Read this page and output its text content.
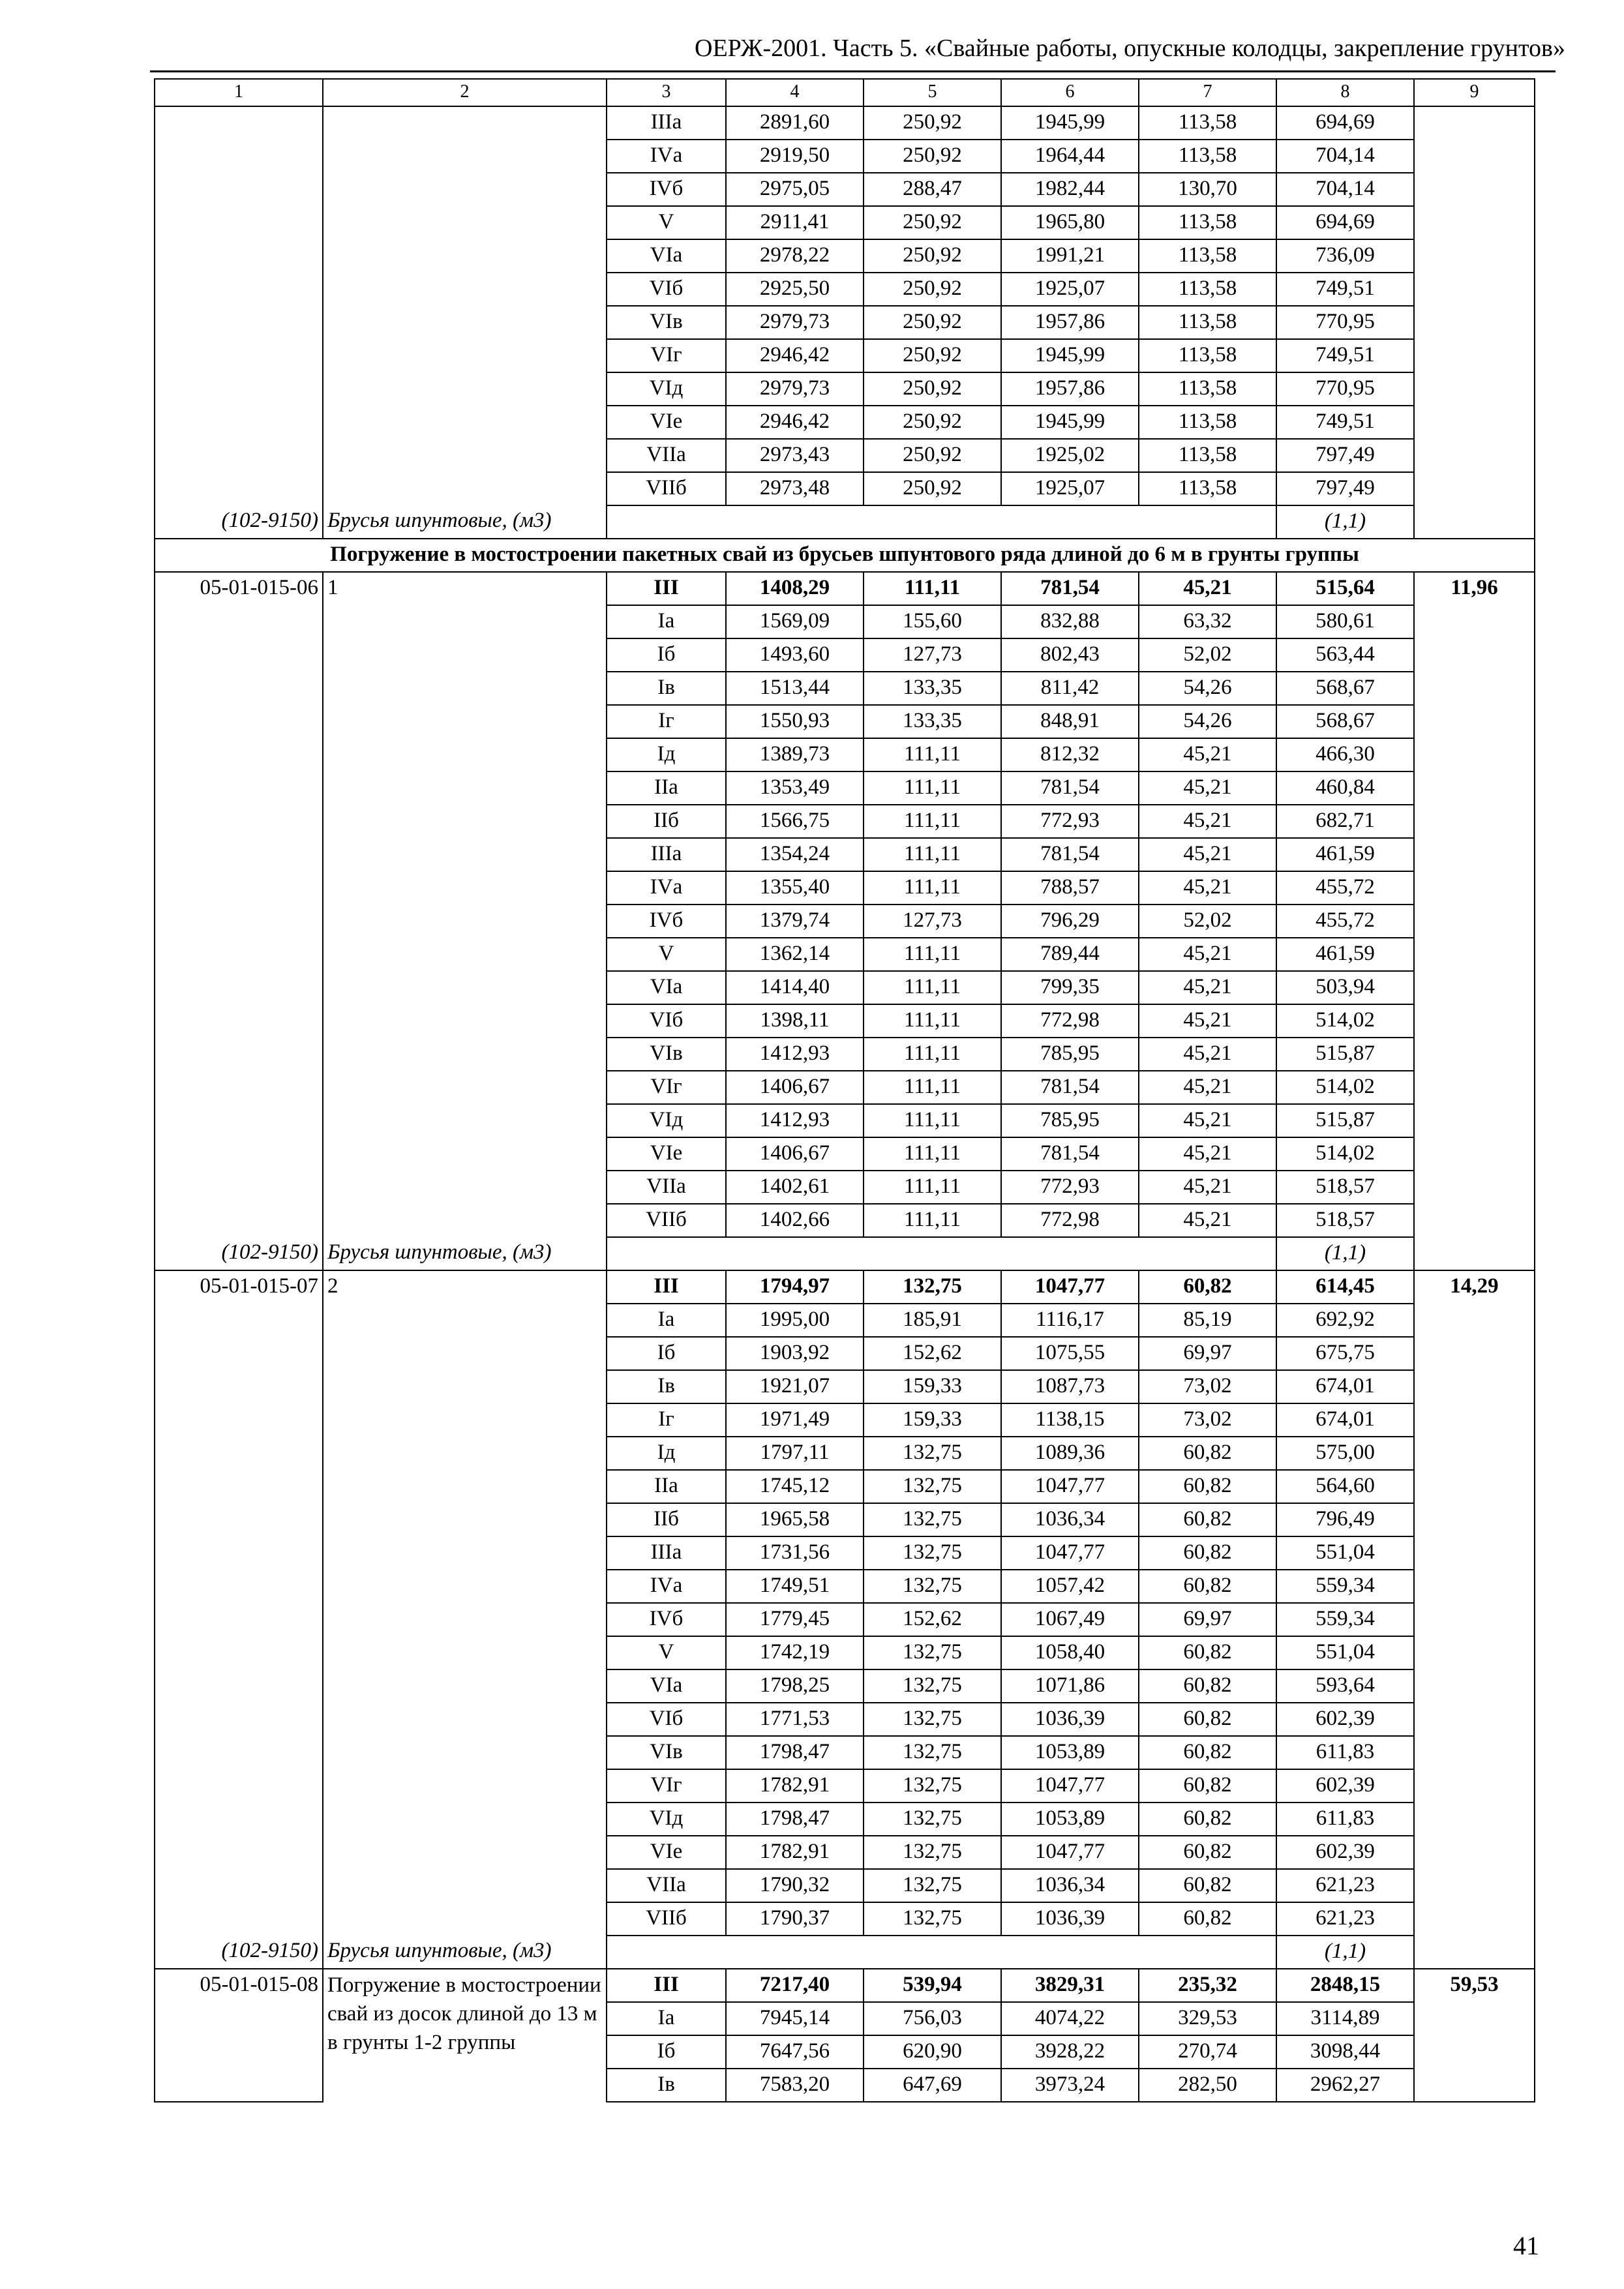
ОЕРЖ-2001. Часть 5. «Свайные работы, опускные колодцы, закрепление грунтов»
1	2	3	4	5	6	7	8	9
		IIIа	2891,60	250,92	1945,99	113,58	694,69	
		IVа	2919,50	250,92	1964,44	113,58	704,14	
		IVб	2975,05	288,47	1982,44	130,70	704,14	
		V	2911,41	250,92	1965,80	113,58	694,69	
		VIа	2978,22	250,92	1991,21	113,58	736,09	
		VIб	2925,50	250,92	1925,07	113,58	749,51	
		VIв	2979,73	250,92	1957,86	113,58	770,95	
		VIг	2946,42	250,92	1945,99	113,58	749,51	
		VIд	2979,73	250,92	1957,86	113,58	770,95	
		VIе	2946,42	250,92	1945,99	113,58	749,51	
		VIIа	2973,43	250,92	1925,02	113,58	797,49	
		VIIб	2973,48	250,92	1925,07	113,58	797,49	
(102-9150)	Брусья шпунтовые, (м3)						(1,1)	
Погружение в мостостроении пакетных свай из брусьев шпунтового ряда длиной до 6 м в грунты группы								
05-01-015-06	1	III	1408,29	111,11	781,54	45,21	515,64	11,96
		Iа	1569,09	155,60	832,88	63,32	580,61	
		Iб	1493,60	127,73	802,43	52,02	563,44	
		Iв	1513,44	133,35	811,42	54,26	568,67	
		Iг	1550,93	133,35	848,91	54,26	568,67	
		Iд	1389,73	111,11	812,32	45,21	466,30	
		IIа	1353,49	111,11	781,54	45,21	460,84	
		IIб	1566,75	111,11	772,93	45,21	682,71	
		IIIа	1354,24	111,11	781,54	45,21	461,59	
		IVа	1355,40	111,11	788,57	45,21	455,72	
		IVб	1379,74	127,73	796,29	52,02	455,72	
		V	1362,14	111,11	789,44	45,21	461,59	
		VIа	1414,40	111,11	799,35	45,21	503,94	
		VIб	1398,11	111,11	772,98	45,21	514,02	
		VIв	1412,93	111,11	785,95	45,21	515,87	
		VIг	1406,67	111,11	781,54	45,21	514,02	
		VIд	1412,93	111,11	785,95	45,21	515,87	
		VIе	1406,67	111,11	781,54	45,21	514,02	
		VIIа	1402,61	111,11	772,93	45,21	518,57	
		VIIб	1402,66	111,11	772,98	45,21	518,57	
(102-9150)	Брусья шпунтовые, (м3)						(1,1)	
05-01-015-07	2	III	1794,97	132,75	1047,77	60,82	614,45	14,29
		Iа	1995,00	185,91	1116,17	85,19	692,92	
		Iб	1903,92	152,62	1075,55	69,97	675,75	
		Iв	1921,07	159,33	1087,73	73,02	674,01	
		Iг	1971,49	159,33	1138,15	73,02	674,01	
		Iд	1797,11	132,75	1089,36	60,82	575,00	
		IIа	1745,12	132,75	1047,77	60,82	564,60	
		IIб	1965,58	132,75	1036,34	60,82	796,49	
		IIIа	1731,56	132,75	1047,77	60,82	551,04	
		IVа	1749,51	132,75	1057,42	60,82	559,34	
		IVб	1779,45	152,62	1067,49	69,97	559,34	
		V	1742,19	132,75	1058,40	60,82	551,04	
		VIа	1798,25	132,75	1071,86	60,82	593,64	
		VIб	1771,53	132,75	1036,39	60,82	602,39	
		VIв	1798,47	132,75	1053,89	60,82	611,83	
		VIг	1782,91	132,75	1047,77	60,82	602,39	
		VIд	1798,47	132,75	1053,89	60,82	611,83	
		VIе	1782,91	132,75	1047,77	60,82	602,39	
		VIIа	1790,32	132,75	1036,34	60,82	621,23	
		VIIб	1790,37	132,75	1036,39	60,82	621,23	
(102-9150)	Брусья шпунтовые, (м3)						(1,1)	
05-01-015-08	Погружение в мостостроении свай из досок длиной до 13 м в грунты 1-2 группы	III	7217,40	539,94	3829,31	235,32	2848,15	59,53
		Iа	7945,14	756,03	4074,22	329,53	3114,89	
		Iб	7647,56	620,90	3928,22	270,74	3098,44	
		Iв	7583,20	647,69	3973,24	282,50	2962,27	
41
